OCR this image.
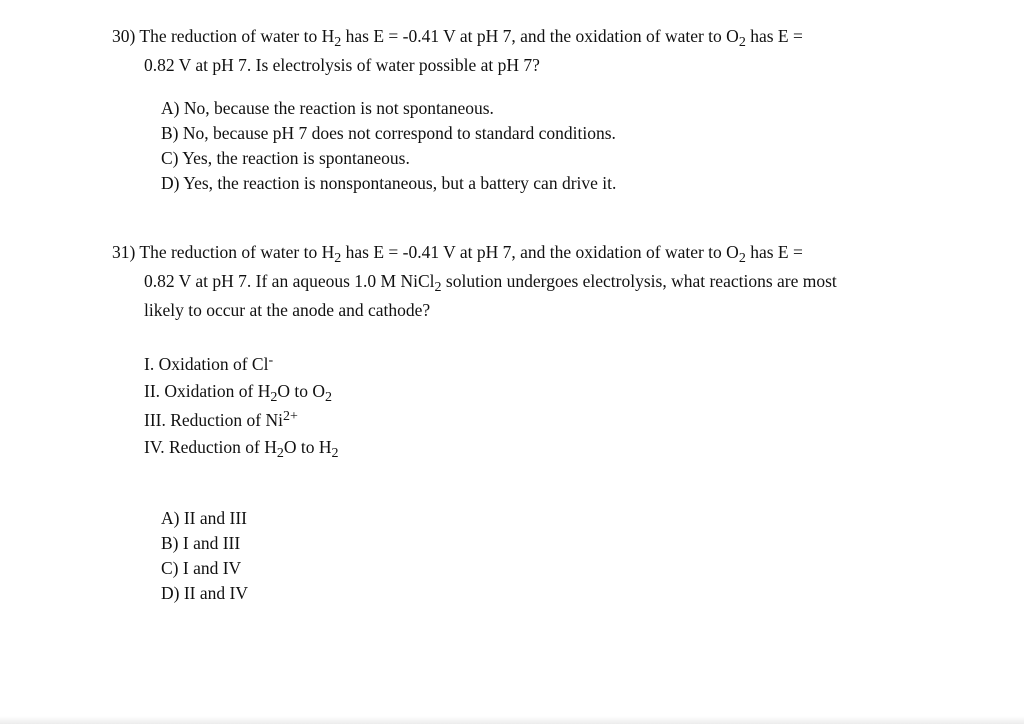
30) The reduction of water to $H_2$ has E = -0.41 V at pH 7, and the oxidation of water to $O_2$ has E =
0.82 V at pH 7. Is electrolysis of water possible at pH 7?
A) No, because the reaction is not spontaneous.
B) No, because pH 7 does not correspond to standard conditions.
C) Yes, the reaction is spontaneous.
D) Yes, the reaction is nonspontaneous, but a battery can drive it.
31) The reduction of water to $H_2$ has E = -0.41 V at pH 7, and the oxidation of water to $O_2$ has E =
0.82 V at pH 7. If an aqueous 1.0 M NiCl$_2$ solution undergoes electrolysis, what reactions are most
likely to occur at the anode and cathode?
I. Oxidation of Cl-
II. Oxidation of $H_2O$ to $O_2$
III. Reduction of $Ni^{2+}$
IV. Reduction of $H_2O$ to $H_2$
A) II and III
B) I and III
C) I and IV
D) II and IV
